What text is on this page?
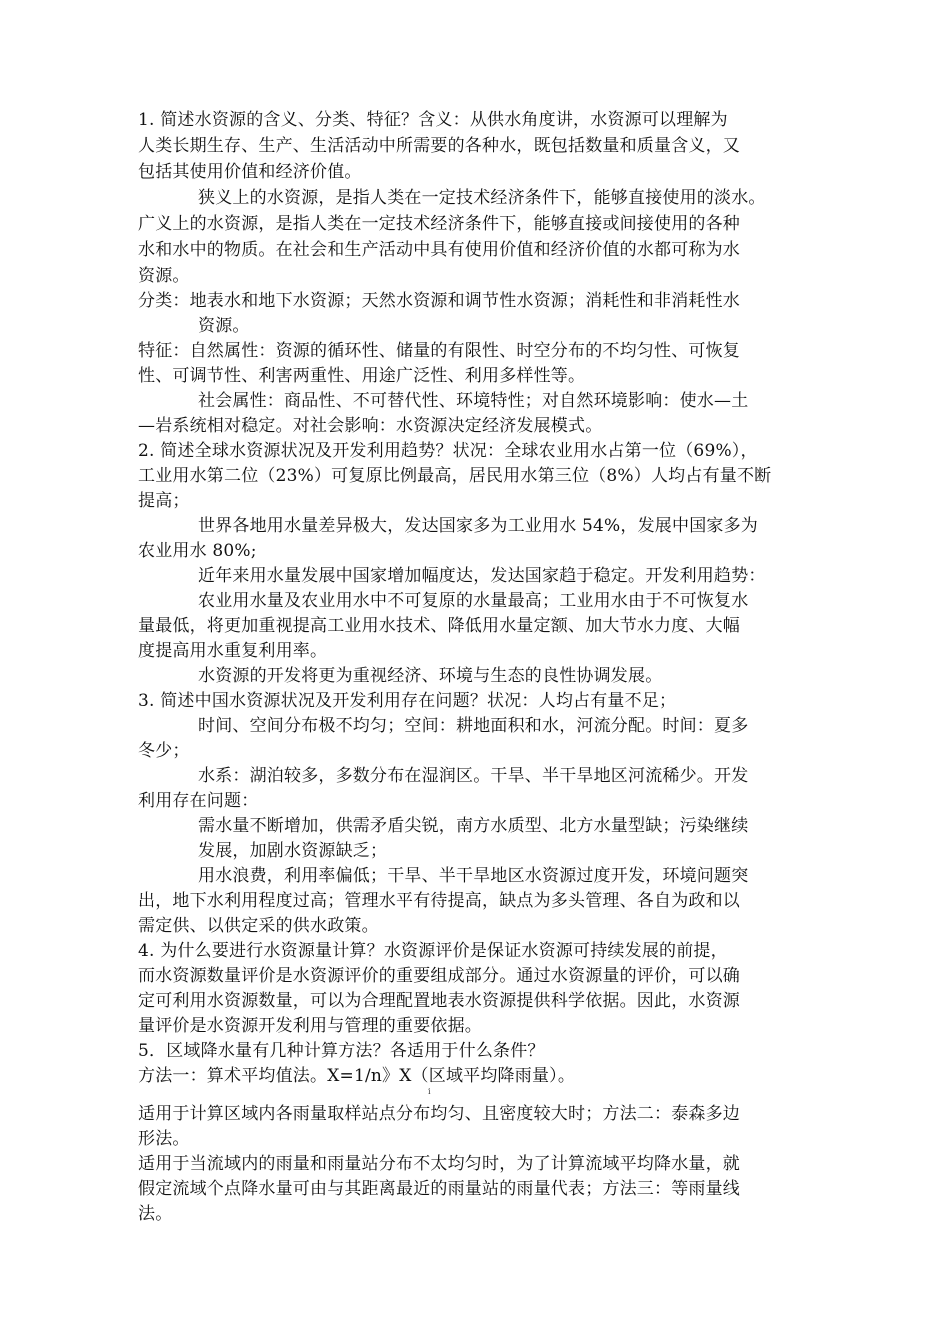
1. 简述水资源的含义、分类、特征？含义：从供水角度讲，水资源可以理解为
人类长期生存、生产、生活活动中所需要的各种水，既包括数量和质量含义，又
包括其使用价值和经济价值。
狭义上的水资源，是指人类在一定技术经济条件下，能够直接使用的淡水。
广义上的水资源，是指人类在一定技术经济条件下，能够直接或间接使用的各种
水和水中的物质。在社会和生产活动中具有使用价值和经济价值的水都可称为水
资源。
分类：地表水和地下水资源；天然水资源和调节性水资源；消耗性和非消耗性水
资源。
特征：自然属性：资源的循环性、储量的有限性、时空分布的不均匀性、可恢复
性、可调节性、利害两重性、用途广泛性、利用多样性等。
社会属性：商品性、不可替代性、环境特性；对自然环境影响：使水—土
—岩系统相对稳定。对社会影响：水资源决定经济发展模式。
2. 简述全球水资源状况及开发利用趋势？状况：全球农业用水占第一位（69%），
工业用水第二位（23%）可复原比例最高，居民用水第三位（8%）人均占有量不断
提高；
世界各地用水量差异极大，发达国家多为工业用水 54%，发展中国家多为
农业用水 80%;
近年来用水量发展中国家增加幅度达，发达国家趋于稳定。开发利用趋势：
农业用水量及农业用水中不可复原的水量最高；工业用水由于不可恢复水
量最低，将更加重视提高工业用水技术、降低用水量定额、加大节水力度、大幅
度提高用水重复利用率。
水资源的开发将更为重视经济、环境与生态的良性协调发展。
3. 简述中国水资源状况及开发利用存在问题？状况：人均占有量不足；
时间、空间分布极不均匀；空间：耕地面积和水，河流分配。时间：夏多
冬少；
水系：湖泊较多，多数分布在湿润区。干旱、半干旱地区河流稀少。开发
利用存在问题：
需水量不断增加，供需矛盾尖锐，南方水质型、北方水量型缺；污染继续
发展，加剧水资源缺乏；
用水浪费，利用率偏低；干旱、半干旱地区水资源过度开发，环境问题突
出，地下水利用程度过高；管理水平有待提高，缺点为多头管理、各自为政和以
需定供、以供定采的供水政策。
4. 为什么要进行水资源量计算？水资源评价是保证水资源可持续发展的前提，
而水资源数量评价是水资源评价的重要组成部分。通过水资源量的评价，可以确
定可利用水资源数量，可以为合理配置地表水资源提供科学依据。因此，水资源
量评价是水资源开发利用与管理的重要依据。
5．区域降水量有几种计算方法？各适用于什么条件？
方法一：算术平均值法。X=1/n》X（区域平均降雨量）。
i
适用于计算区域内各雨量取样站点分布均匀、且密度较大时；方法二：泰森多边
形法。
适用于当流域内的雨量和雨量站分布不太均匀时，为了计算流域平均降水量，就
假定流域个点降水量可由与其距离最近的雨量站的雨量代表；方法三：等雨量线
法。
